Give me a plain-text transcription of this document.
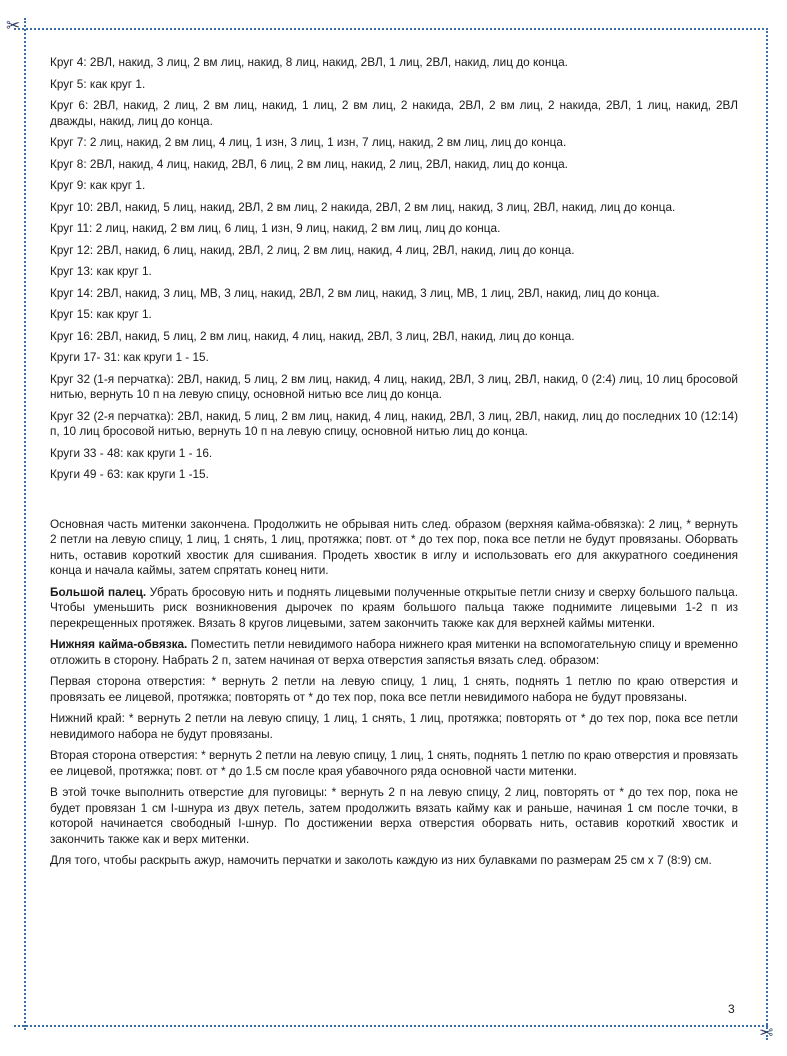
✂
✂

Круг 4: 2ВЛ, накид, 3 лиц, 2 вм лиц, накид, 8 лиц, накид, 2ВЛ, 1 лиц, 2ВЛ, накид, лиц до конца.

Круг 5: как круг 1.

Круг 6: 2ВЛ, накид, 2 лиц, 2 вм лиц, накид, 1 лиц, 2 вм лиц, 2 накида, 2ВЛ, 2 вм лиц, 2 накида, 2ВЛ, 1 лиц, накид, 2ВЛ дважды, накид, лиц до конца.

Круг 7: 2 лиц, накид, 2 вм лиц, 4 лиц, 1 изн, 3 лиц, 1 изн, 7 лиц, накид, 2 вм лиц, лиц до конца.

Круг 8: 2ВЛ, накид, 4 лиц, накид, 2ВЛ, 6 лиц, 2 вм лиц, накид, 2 лиц, 2ВЛ, накид, лиц до конца.

Круг 9: как круг 1.

Круг 10: 2ВЛ, накид, 5 лиц, накид, 2ВЛ, 2 вм лиц, 2 накида, 2ВЛ, 2 вм лиц, накид, 3 лиц, 2ВЛ, накид, лиц до конца.

Круг 11: 2 лиц, накид, 2 вм лиц, 6 лиц, 1 изн, 9 лиц, накид, 2 вм лиц, лиц до конца.

Круг 12: 2ВЛ, накид, 6 лиц, накид, 2ВЛ, 2 лиц, 2 вм лиц, накид, 4 лиц, 2ВЛ, накид, лиц до конца.

Круг 13: как круг 1.

Круг 14: 2ВЛ, накид, 3 лиц, МВ, 3 лиц, накид, 2ВЛ, 2 вм лиц, накид, 3 лиц, МВ, 1 лиц, 2ВЛ, накид, лиц до конца.

Круг 15: как круг 1.

Круг 16: 2ВЛ, накид, 5 лиц, 2 вм лиц, накид, 4 лиц, накид, 2ВЛ, 3 лиц, 2ВЛ, накид, лиц до конца.

Круги 17- 31: как круги 1 - 15.

Круг 32 (1-я перчатка): 2ВЛ, накид, 5 лиц, 2 вм лиц, накид, 4 лиц, накид, 2ВЛ, 3 лиц, 2ВЛ, накид, 0 (2:4) лиц, 10 лиц бросовой нитью, вернуть 10 п на левую спицу, основной нитью все лиц до конца.

Круг 32 (2-я перчатка): 2ВЛ, накид, 5 лиц, 2 вм лиц, накид, 4 лиц, накид, 2ВЛ, 3 лиц, 2ВЛ, накид, лиц до последних 10 (12:14) п, 10 лиц бросовой нитью, вернуть 10 п на левую спицу, основной нитью лиц до конца.

Круги 33 - 48: как круги 1 - 16.

Круги 49 - 63: как круги 1 -15.

Основная часть митенки закончена. Продолжить не обрывая нить след. образом (верхняя кайма-обвязка): 2 лиц, * вернуть 2 петли на левую спицу, 1 лиц, 1 снять, 1 лиц, протяжка; повт. от * до тех пор, пока все петли не будут провязаны. Оборвать нить, оставив короткий хвостик для сшивания. Продеть хвостик в иглу и использовать его для аккуратного соединения конца и начала каймы, затем спрятать конец нити.

Большой палец. Убрать бросовую нить и поднять лицевыми полученные открытые петли снизу и сверху большого пальца. Чтобы уменьшить риск возникновения дырочек по краям большого пальца также поднимите лицевыми 1-2 п из перекрещенных протяжек. Вязать 8 кругов лицевыми, затем закончить также как для верхней каймы митенки.

Нижняя кайма-обвязка. Поместить петли невидимого набора нижнего края митенки на вспомогательную спицу и временно отложить в сторону. Набрать 2 п, затем начиная от верха отверстия запястья вязать след. образом:

Первая сторона отверстия: * вернуть 2 петли на левую спицу, 1 лиц, 1 снять, поднять 1 петлю по краю отверстия и провязать ее лицевой, протяжка; повторять от * до тех пор, пока все петли невидимого набора не будут провязаны.

Нижний край: * вернуть 2 петли на левую спицу, 1 лиц, 1 снять, 1 лиц, протяжка; повторять от * до тех пор, пока все петли невидимого набора не будут провязаны.

Вторая сторона отверстия: * вернуть 2 петли на левую спицу, 1 лиц, 1 снять, поднять 1 петлю по краю отверстия и провязать ее лицевой, протяжка; повт. от * до 1.5 см после края убавочного ряда основной части митенки.

В этой точке выполнить отверстие для пуговицы: * вернуть 2 п на левую спицу, 2 лиц, повторять от * до тех пор, пока не будет провязан 1 см I-шнура из двух петель, затем продолжить вязать кайму как и раньше, начиная 1 см после точки, в которой начинается свободный I-шнур. По достижении верха отверстия оборвать нить, оставив короткий хвостик и закончить также как и верх митенки.

Для того, чтобы раскрыть ажур, намочить перчатки и заколоть каждую из них булавками по размерам 25 см х 7 (8:9) см.

3
